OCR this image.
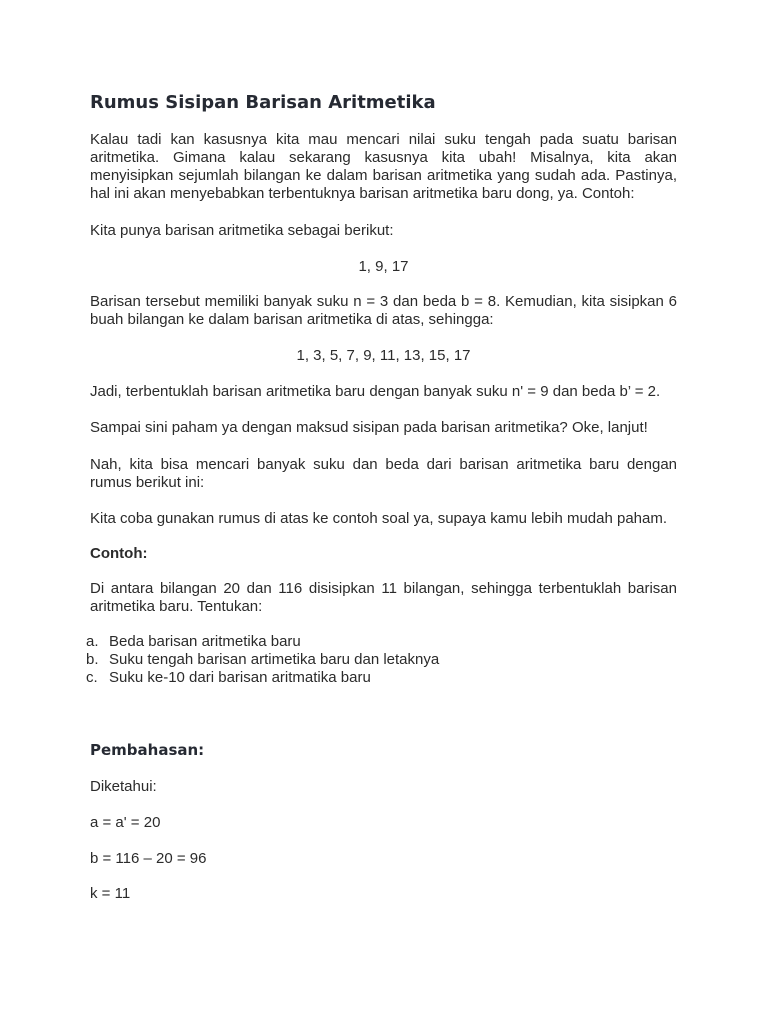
Rumus Sisipan Barisan Aritmetika

Kalau tadi kan kasusnya kita mau mencari nilai suku tengah pada suatu barisan aritmetika. Gimana kalau sekarang kasusnya kita ubah! Misalnya, kita akan menyisipkan sejumlah bilangan ke dalam barisan aritmetika yang sudah ada. Pastinya, hal ini akan menyebabkan terbentuknya barisan aritmetika baru dong, ya. Contoh:

Kita punya barisan aritmetika sebagai berikut:

1, 9, 17

Barisan tersebut memiliki banyak suku n = 3 dan beda b = 8. Kemudian, kita sisipkan 6 buah bilangan ke dalam barisan aritmetika di atas, sehingga:

1, 3, 5, 7, 9, 11, 13, 15, 17

Jadi, terbentuklah barisan aritmetika baru dengan banyak suku n' = 9 dan beda b’ = 2.

Sampai sini paham ya dengan maksud sisipan pada barisan aritmetika? Oke, lanjut!

Nah, kita bisa mencari banyak suku dan beda dari barisan aritmetika baru dengan rumus berikut ini:

Kita coba gunakan rumus di atas ke contoh soal ya, supaya kamu lebih mudah paham.

Contoh:

Di antara bilangan 20 dan 116 disisipkan 11 bilangan, sehingga terbentuklah barisan aritmetika baru. Tentukan:

a. Beda barisan aritmetika baru
b. Suku tengah barisan artimetika baru dan letaknya
c. Suku ke-10 dari barisan aritmatika baru

Pembahasan:

Diketahui:

a = a' = 20

b = 116 – 20 = 96

k = 11
